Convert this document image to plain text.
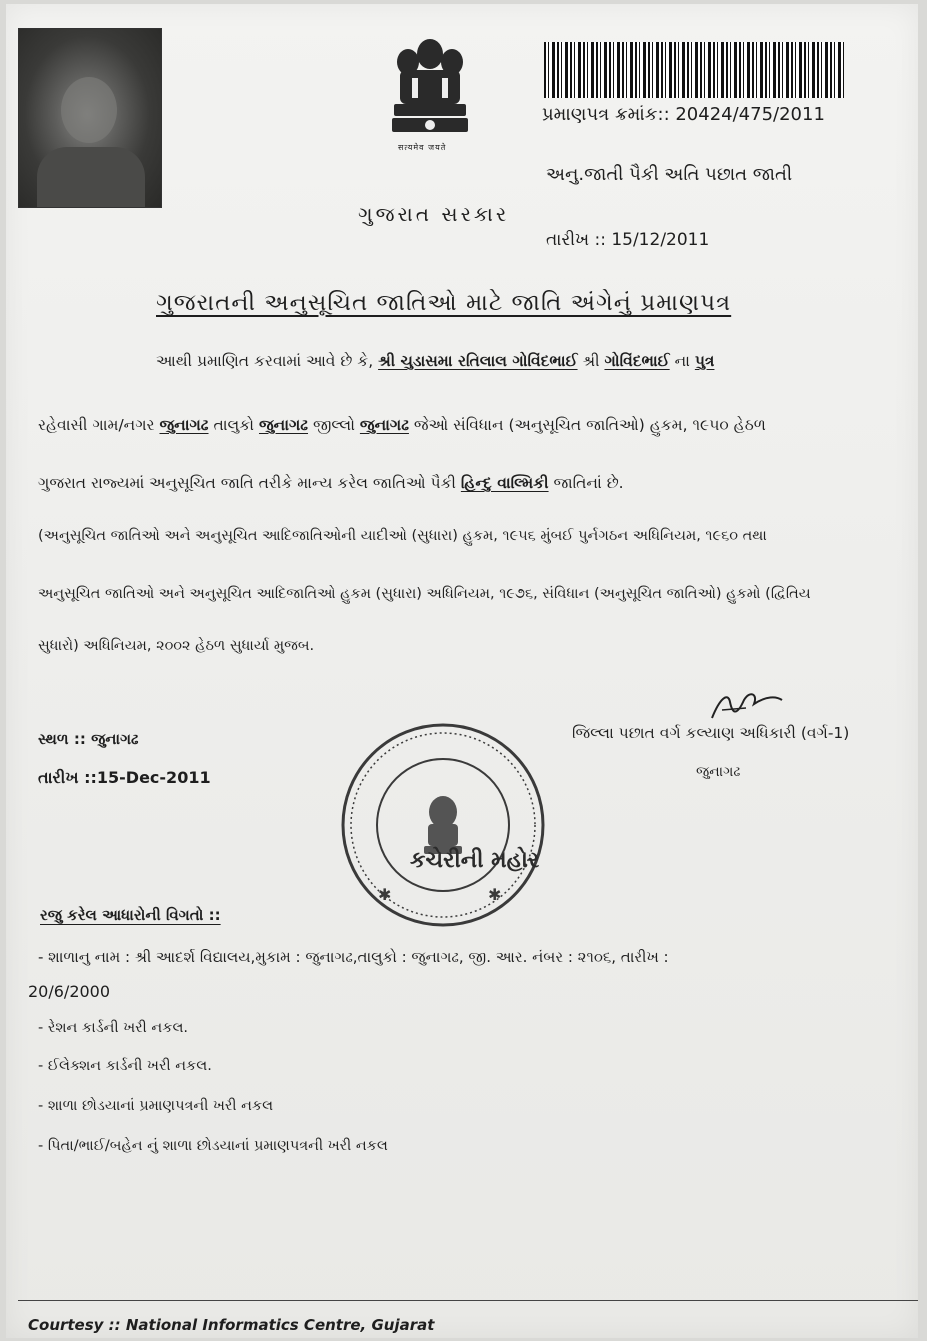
सत्यमेव जयते
પ્રમાણપત્ર ક્રમાંક:: 20424/475/2011
અનુ.જાતી પૈકી અતિ પછાત જાતી
ગુજરાત સરકાર
તારીખ :: 15/12/2011
ગુજરાતની અનુસૂચિત જાતિઓ માટે જાતિ અંગેનું પ્રમાણપત્ર
આથી પ્રમાણિત કરવામાં આવે છે કે, શ્રી ચુડાસમા રતિલાલ ગોવિંદભાઈ શ્રી ગોવિંદભાઈ ના પુત્ર
રહેવાસી ગામ/નગર જુનાગઢ તાલુકો જુનાગઢ જીલ્લો જુનાગઢ જેઓ સંવિધાન (અનુસૂચિત જાતિઓ) હુકમ, ૧૯૫૦ હેઠળ
ગુજરાત રાજ્યમાં અનુસૂચિત જાતિ તરીકે માન્ય કરેલ જાતિઓ પૈકી હિન્દુ વાલ્મિકી જાતિનાં છે.
(અનુસૂચિત જાતિઓ અને અનુસૂચિત આદિજાતિઓની યાદીઓ (સુધારા) હુકમ, ૧૯૫૬ મુંબઈ પુર્નગઠન અધિનિયમ, ૧૯૬૦ તથા
અનુસૂચિત જાતિઓ અને અનુસૂચિત આદિજાતિઓ હુકમ (સુધારા) અધિનિયમ, ૧૯૭૬, સંવિધાન (અનુસૂચિત જાતિઓ) હુકમો (દ્વિતિય
સુધારો) અધિનિયમ, ૨૦૦૨ હેઠળ સુધાર્યા મુજબ.
સ્થળ :: જુનાગઢ
તારીખ ::15-Dec-2011
જિલ્લા પછાત વર્ગ કલ્યાણ અધિકારી (વર્ગ-1)
જુનાગઢ
✱	✱
કચેરીની મહોર
રજુ કરેલ આધારોની વિગતો ::
- શાળાનુ નામ : શ્રી આદર્શ વિદ્યાલય,મુકામ : જુનાગઢ,તાલુકો : જુનાગઢ, જી. આર. નંબર : ૨૧૦૬, તારીખ :
20/6/2000
- રેશન કાર્ડની ખરી નકલ.
- ઈલેક્શન કાર્ડની ખરી નકલ.
- શાળા છોડયાનાં પ્રમાણપત્રની ખરી નકલ
- પિતા/ભાઈ/બહેન નું શાળા છોડયાનાં પ્રમાણપત્રની ખરી નકલ
Courtesy :: National Informatics Centre, Gujarat
